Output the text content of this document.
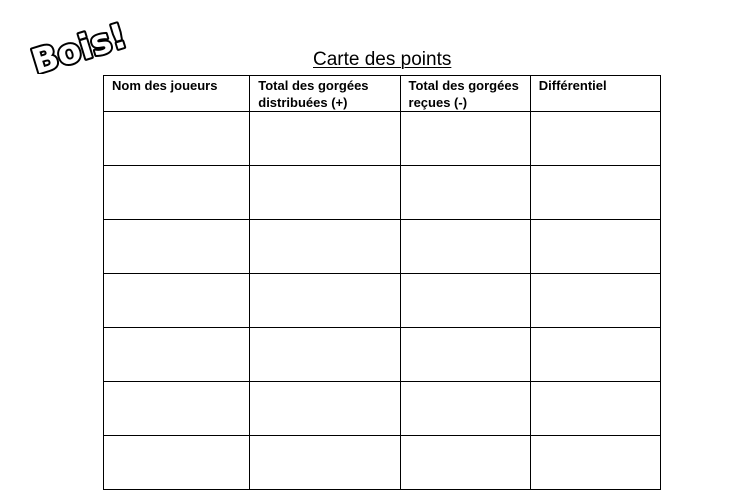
Bois!	Carte des points
Nom des joueurs	Total des gorgées distribuées (+)	Total des gorgées reçues (-)	Différentiel
